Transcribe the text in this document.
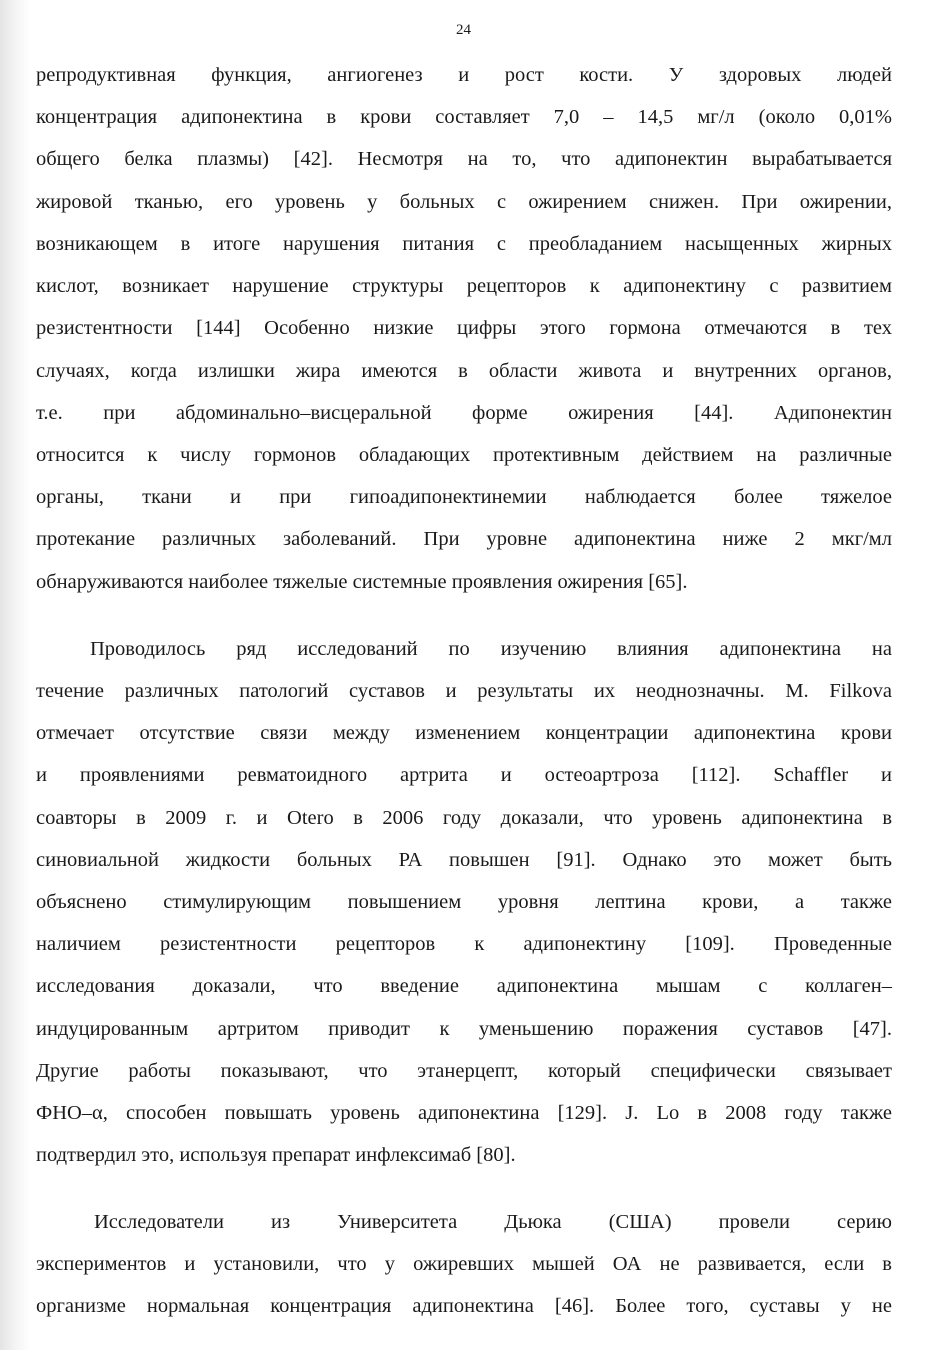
24
репродуктивная функция, ангиогенез и рост кости. У здоровых людей
концентрация адипонектина в крови составляет 7,0 – 14,5 мг/л (около 0,01%
общего белка плазмы) [42]. Несмотря на то, что адипонектин вырабатывается
жировой тканью, его уровень у больных с ожирением снижен. При ожирении,
возникающем в итоге нарушения питания с преобладанием насыщенных жирных
кислот, возникает нарушение структуры рецепторов к адипонектину с развитием
резистентности [144] Особенно низкие цифры этого гормона отмечаются в тех
случаях, когда излишки жира имеются в области живота и внутренних органов,
т.е. при абдоминально–висцеральной форме ожирения [44]. Адипонектин
относится к числу гормонов обладающих протективным действием на различные
органы, ткани и при гипоадипонектинемии наблюдается более тяжелое
протекание различных заболеваний. При уровне адипонектина ниже 2 мкг/мл
обнаруживаются наиболее тяжелые системные проявления ожирения [65].
Проводилось ряд исследований по изучению влияния адипонектина на
течение различных патологий суставов и результаты их неоднозначны. M. Filkova
отмечает отсутствие связи между изменением концентрации адипонектина крови
и проявлениями ревматоидного артрита и остеоартроза [112]. Schaffler и
соавторы в 2009 г. и Otero в 2006 году доказали, что уровень адипонектина в
синовиальной жидкости больных РА повышен [91]. Однако это может быть
объяснено стимулирующим повышением уровня лептина крови, а также
наличием резистентности рецепторов к адипонектину [109]. Проведенные
исследования доказали, что введение адипонектина мышам с коллаген–
индуцированным артритом приводит к уменьшению поражения суставов [47].
Другие работы показывают, что этанерцепт, который специфически связывает
ФНО–α, способен повышать уровень адипонектина [129]. J. Lo в 2008 году также
подтвердил это, используя препарат инфлексимаб [80].
Исследователи из Университета Дьюка (США) провели серию
экспериментов и установили, что у ожиревших мышей ОА не развивается, если в
организме нормальная концентрация адипонектина [46]. Более того, суставы у не
